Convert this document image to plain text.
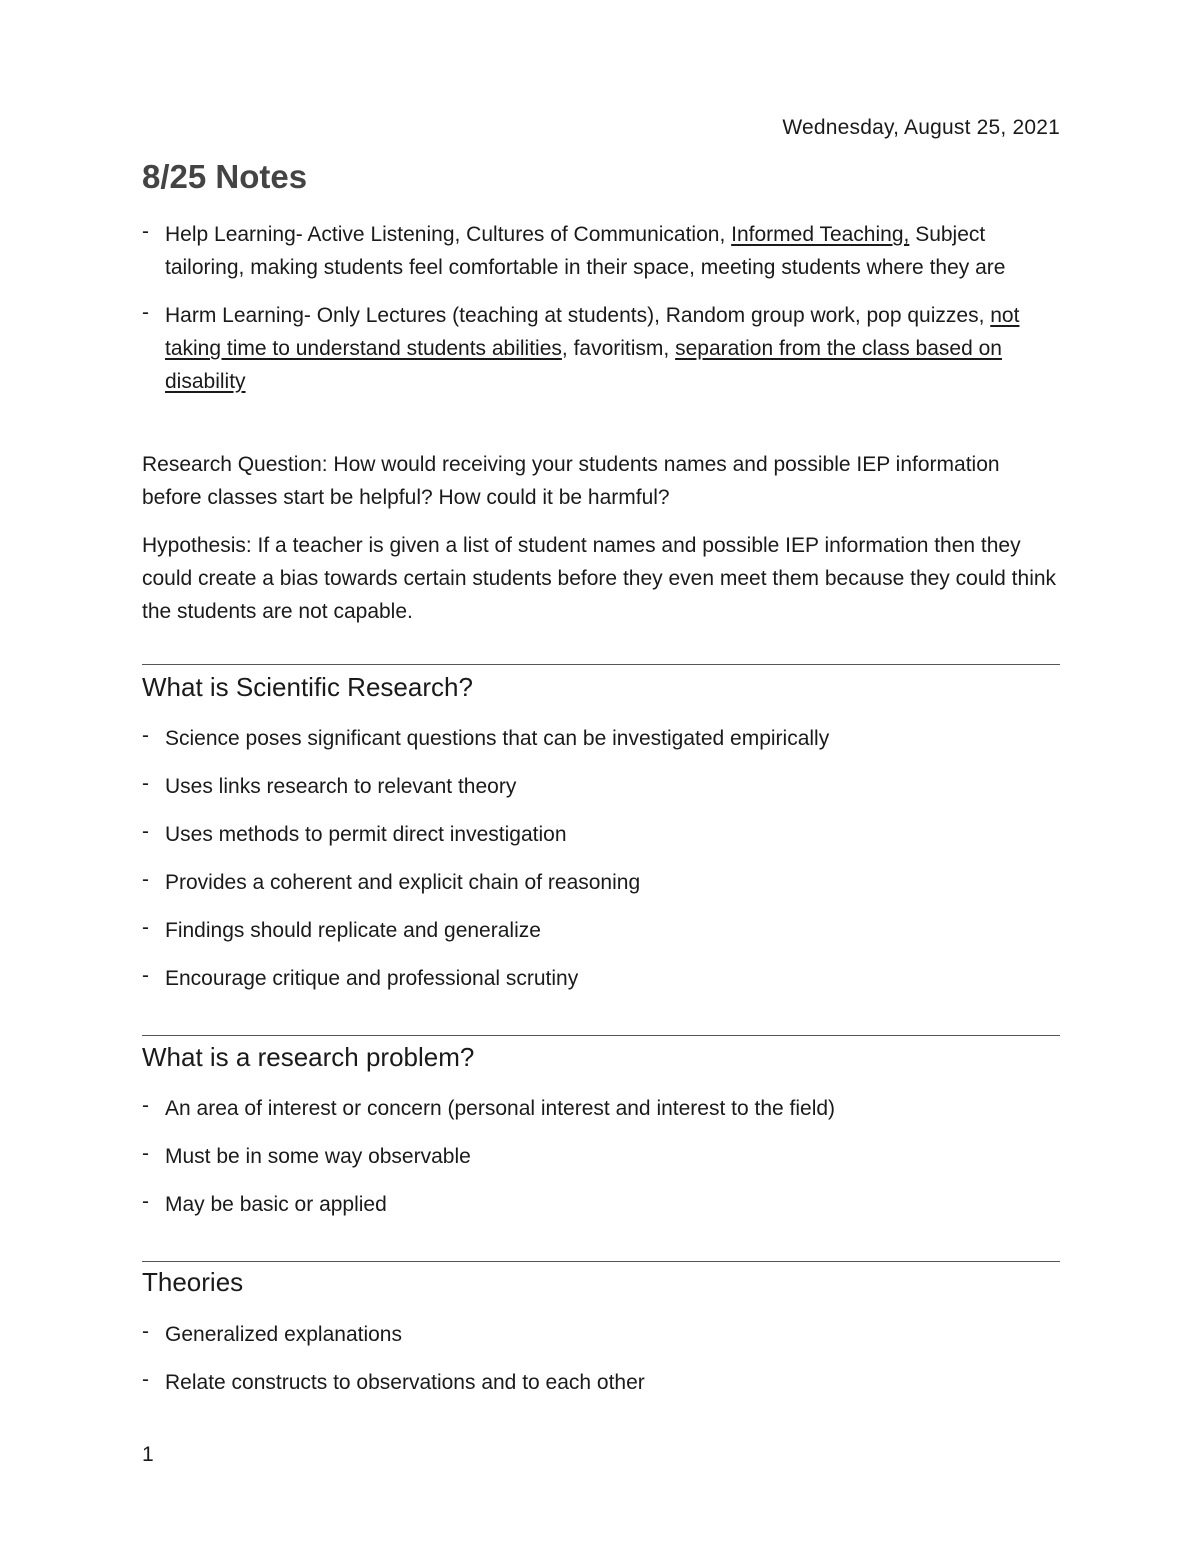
Wednesday, August 25, 2021
8/25 Notes
- Help Learning- Active Listening, Cultures of Communication, Informed Teaching, Subject tailoring, making students feel comfortable in their space, meeting students where they are
- Harm Learning- Only Lectures (teaching at students), Random group work, pop quizzes, not taking time to understand students abilities, favoritism, separation from the class based on disability

Research Question: How would receiving your students names and possible IEP information before classes start be helpful? How could it be harmful?

Hypothesis: If a teacher is given a list of student names and possible IEP information then they could create a bias towards certain students before they even meet them because they could think the students are not capable.

What is Scientific Research?
- Science poses significant questions that can be investigated empirically
- Uses links research to relevant theory
- Uses methods to permit direct investigation
- Provides a coherent and explicit chain of reasoning
- Findings should replicate and generalize
- Encourage critique and professional scrutiny
What is a research problem?
- An area of interest or concern (personal interest and interest to the field)
- Must be in some way observable
- May be basic or applied
Theories
- Generalized explanations
- Relate constructs to observations and to each other
1
